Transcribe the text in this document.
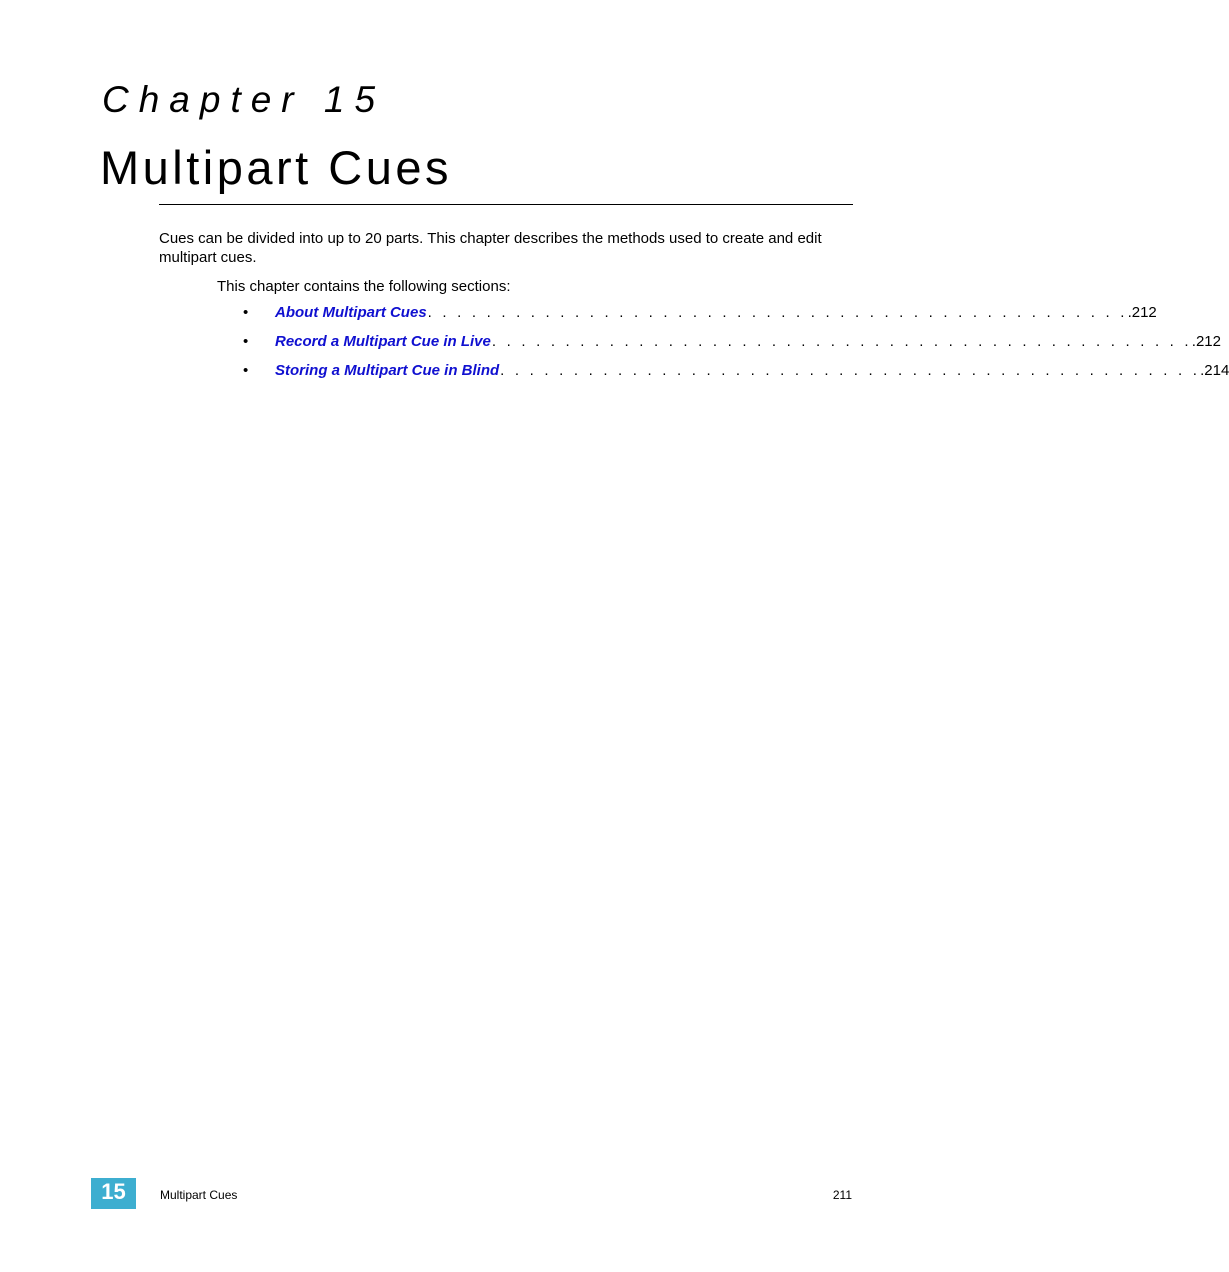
Chapter 15
Multipart Cues

Cues can be divided into up to 20 parts. This chapter describes the methods used to create and edit multipart cues.

This chapter contains the following sections:

•	About Multipart Cues . . . . . . . . . . . . . . . . . . . . . . . . . . . . . . . . . . . . . . . . . . . . . . . . .212
•	Record a Multipart Cue in Live . . . . . . . . . . . . . . . . . . . . . . . . . . . . . . . . . . . . . . . . . . . . . . . . .212
•	Storing a Multipart Cue in Blind . . . . . . . . . . . . . . . . . . . . . . . . . . . . . . . . . . . . . . . . . . . . . . . . .214
15	Multipart Cues	211
